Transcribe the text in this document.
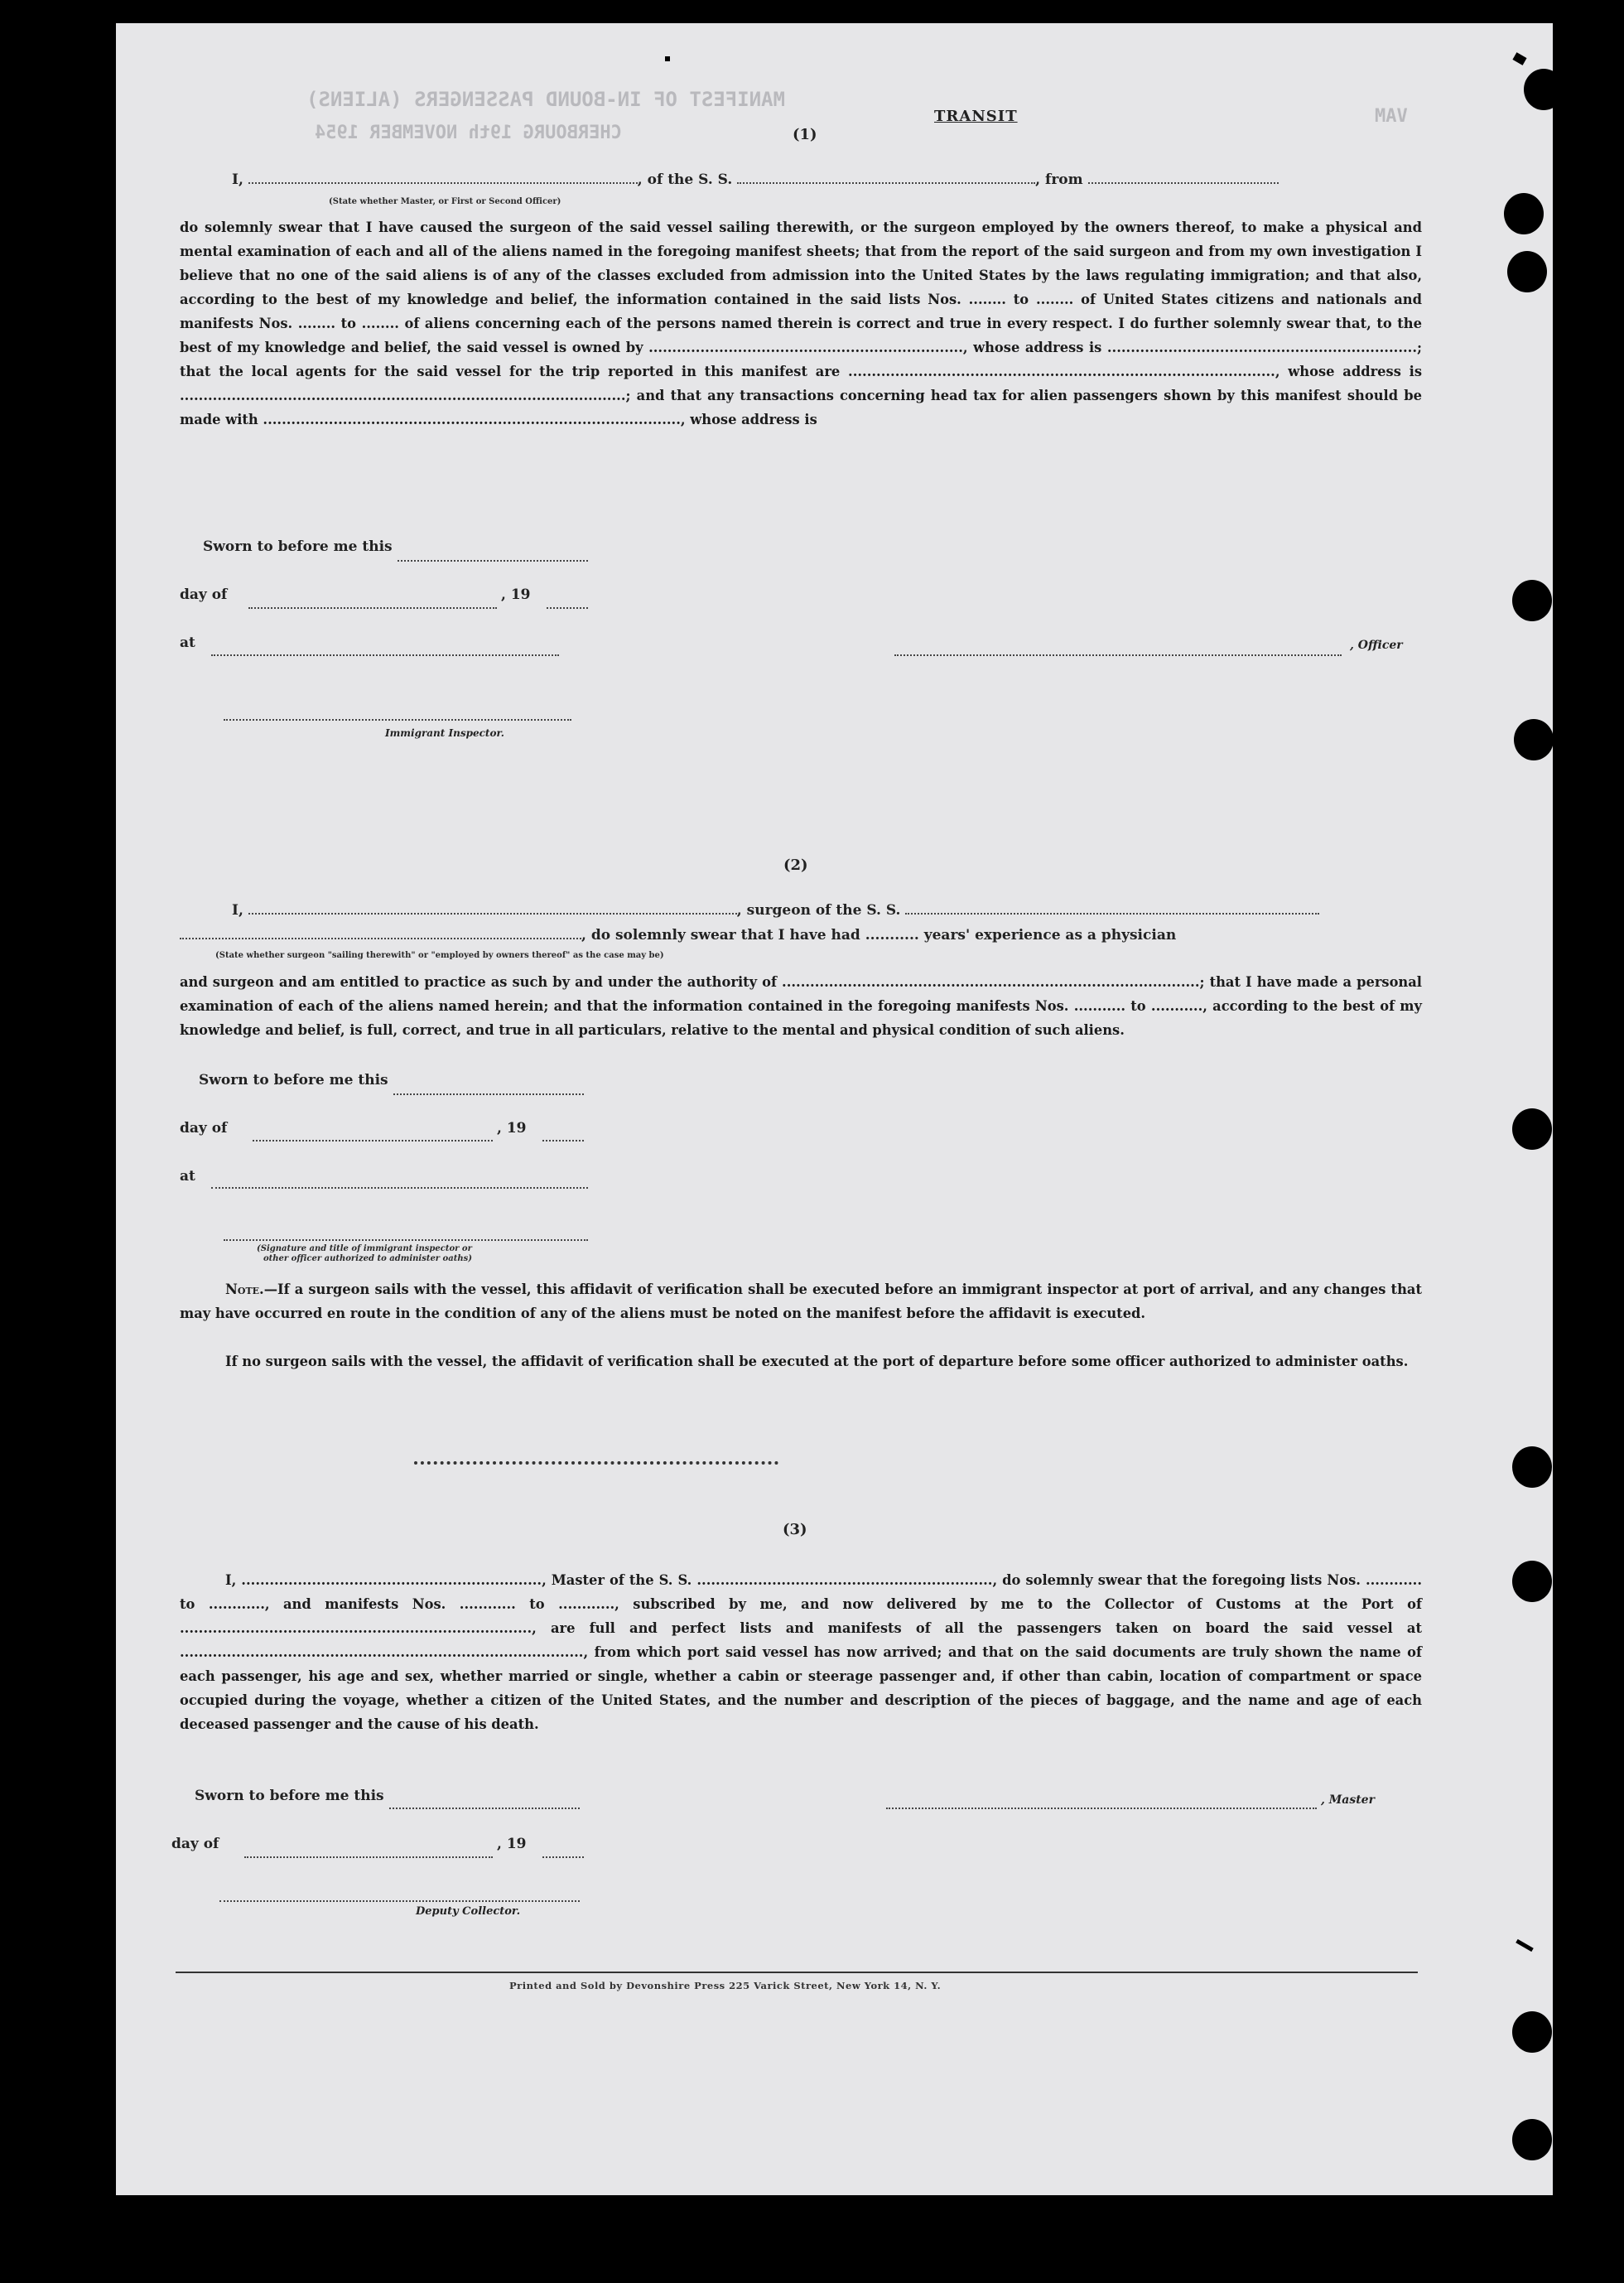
MANIFEST OF IN-BOUND PASSENGERS (ALIENS)
CHERBOURG 19th NOVEMBER 1954
VAM
TRANSIT
(1)
I,	, of the S. S.	, from
(State whether Master, or First or Second Officer)

do solemnly swear that I have caused the surgeon of the said vessel sailing therewith, or the surgeon employed by the owners thereof, to make a physical and mental examination of each and all of the aliens named in the foregoing manifest sheets; that from the report of the said surgeon and from my own investigation I believe that no one of the said aliens is of any of the classes excluded from admission into the United States by the laws regulating immigration; and that also, according to the best of my knowledge and belief, the information contained in the said lists Nos. ........ to ........ of United States citizens and nationals and manifests Nos. ........ to ........ of aliens concerning each of the persons named therein is correct and true in every respect. I do further solemnly swear that, to the best of my knowledge and belief, the said vessel is owned by ..................................................................., whose address is ..................................................................; that the local agents for the said vessel for the trip reported in this manifest are ..........................................................................................., whose address is ...............................................................................................; and that any transactions concerning head tax for alien passengers shown by this manifest should be made with ........................................................................................., whose address is

Sworn to before me this
day of	, 19
at	, Officer
Immigrant Inspector.
(2)
I,	, surgeon of the S. S.
, do solemnly swear that I have had ........... years' experience as a physician
(State whether surgeon "sailing therewith" or "employed by owners thereof" as the case may be)

and surgeon and am entitled to practice as such by and under the authority of .........................................................................................; that I have made a personal examination of each of the aliens named herein; and that the information contained in the foregoing manifests Nos. ........... to ..........., according to the best of my knowledge and belief, is full, correct, and true in all particulars, relative to the mental and physical condition of such aliens.

Sworn to before me this
day of	, 19
at
(Signature and title of immigrant inspector or
other officer authorized to administer oaths)

Note.—If a surgeon sails with the vessel, this affidavit of verification shall be executed before an immigrant inspector at port of arrival, and any changes that may have occurred en route in the condition of any of the aliens must be noted on the manifest before the affidavit is executed.

If no surgeon sails with the vessel, the affidavit of verification shall be executed at the port of departure before some officer authorized to administer oaths.

(3)

I, ................................................................, Master of the S. S. ..............................................................., do solemnly swear that the foregoing lists Nos. ............ to ............, and manifests Nos. ............ to ............, subscribed by me, and now delivered by me to the Collector of Customs at the Port of ..........................................................................., are full and perfect lists and manifests of all the passengers taken on board the said vessel at ......................................................................................, from which port said vessel has now arrived; and that on the said documents are truly shown the name of each passenger, his age and sex, whether married or single, whether a cabin or steerage passenger and, if other than cabin, location of compartment or space occupied during the voyage, whether a citizen of the United States, and the number and description of the pieces of baggage, and the name and age of each deceased passenger and the cause of his death.

Sworn to before me this	, Master
day of	, 19
Deputy Collector.
Printed and Sold by Devonshire Press 225 Varick Street, New York 14, N. Y.
